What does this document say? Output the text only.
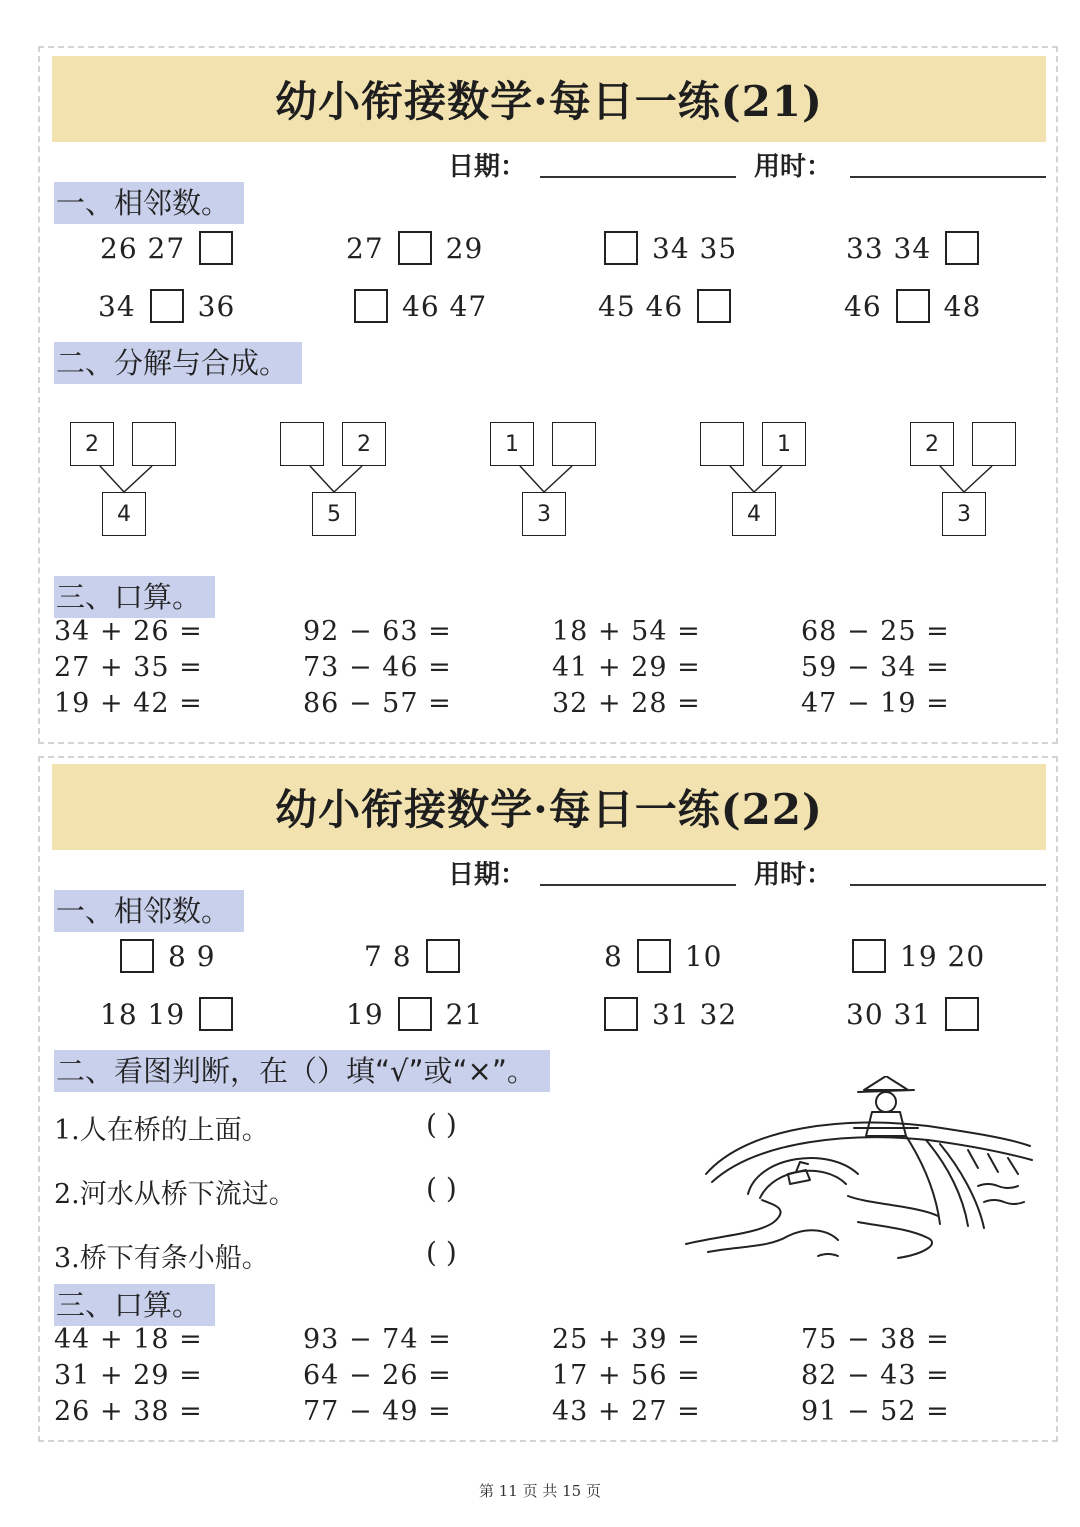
幼小衔接数学·每日一练(21)
日期：	用时：
一、相邻数。
26 27	27 29	34 35	33 34
34 36	46 47	45 46	46 48
二、分解与合成。
2
4
2
5
1
3
1
4
2
3
三、口算。
34 + 26 =	92 − 63 =	18 + 54 =	68 − 25 =
27 + 35 =	73 − 46 =	41 + 29 =	59 − 34 =
19 + 42 =	86 − 57 =	32 + 28 =	47 − 19 =
幼小衔接数学·每日一练(22)
日期：	用时：
一、相邻数。
8 9	7 8	8 10	19 20
18 19	19 21	31 32	30 31
二、看图判断，在（）填“√”或“×”。
1.人在桥的上面。	( )
2.河水从桥下流过。	( )
3.桥下有条小船。	( )
三、口算。
44 + 18 =	93 − 74 =	25 + 39 =	75 − 38 =
31 + 29 =	64 − 26 =	17 + 56 =	82 − 43 =
26 + 38 =	77 − 49 =	43 + 27 =	91 − 52 =
第 11 页 共 15 页
